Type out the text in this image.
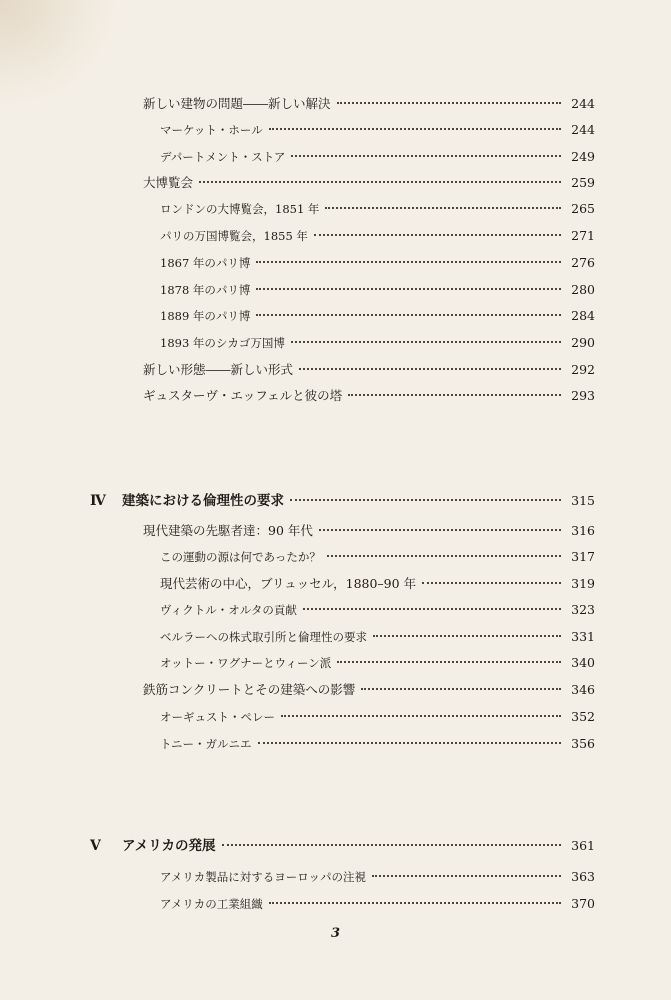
新しい建物の問題――新しい解決	244
マーケット・ホール	244
デパートメント・ストア	249
大博覧会	259
ロンドンの大博覧会，1851 年	265
パリの万国博覧会，1855 年	271
1867 年のパリ博	276
1878 年のパリ博	280
1889 年のパリ博	284
1893 年のシカゴ万国博	290
新しい形態――新しい形式	292
ギュスターヴ・エッフェルと彼の塔	293
Ⅳ	建築における倫理性の要求	315
現代建築の先駆者達：90 年代	316
この運動の源は何であったか？	317
現代芸術の中心，ブリュッセル，1880–90 年	319
ヴィクトル・オルタの貢献	323
ベルラーヘの株式取引所と倫理性の要求	331
オットー・ワグナーとウィーン派	340
鉄筋コンクリートとその建築への影響	346
オーギュスト・ペレー	352
トニー・ガルニエ	356
Ⅴ	アメリカの発展	361
アメリカ製品に対するヨーロッパの注視	363
アメリカの工業組織	370
3
